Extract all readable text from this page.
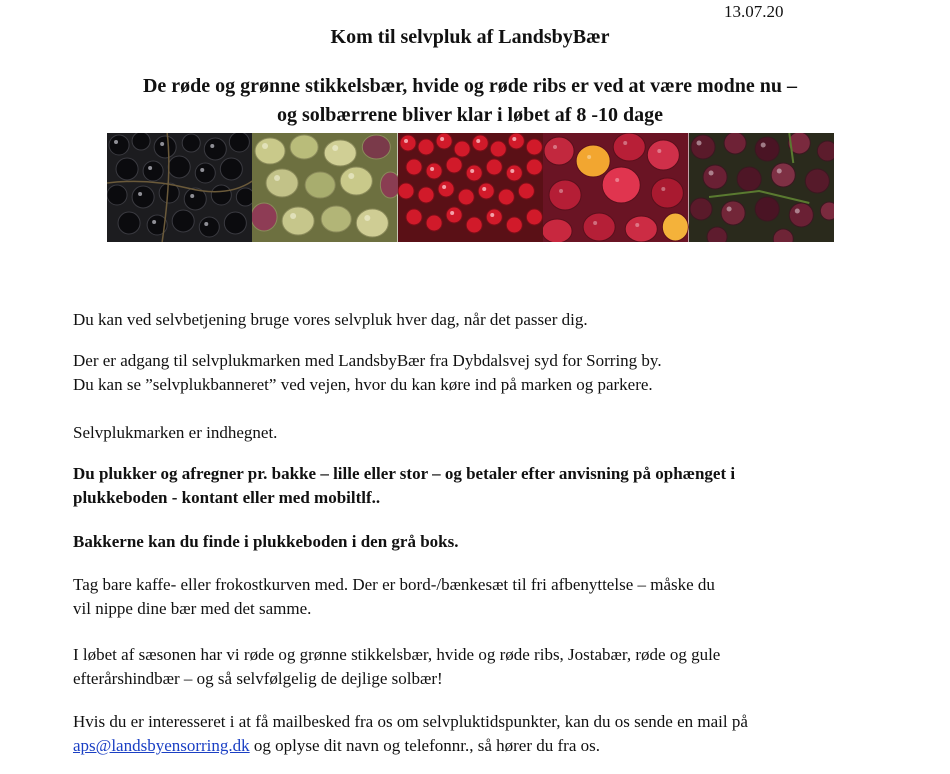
13.07.20
Kom til selvpluk af LandsbyBær
De røde og grønne stikkelsbær, hvide og røde ribs er ved at være modne nu –
og solbærrene bliver klar i løbet af 8 -10 dage

Du kan ved selvbetjening bruge vores selvpluk hver dag, når det passer dig.

Der er adgang til selvplukmarken med LandsbyBær fra Dybdalsvej syd for Sorring by.
Du kan se ”selvplukbanneret” ved vejen, hvor du kan køre ind på marken og parkere.

Selvplukmarken er indhegnet.

Du plukker og afregner pr. bakke – lille eller stor – og betaler efter anvisning på ophænget i
plukkeboden - kontant eller med mobiltlf..

Bakkerne kan du finde i plukkeboden i den grå boks.

Tag bare kaffe- eller frokostkurven med. Der er bord-/bænkesæt til fri afbenyttelse – måske du
vil nippe dine bær med det samme.

I løbet af sæsonen har vi røde og grønne stikkelsbær, hvide og røde ribs, Jostabær, røde og gule
efterårshindbær – og så selvfølgelig de dejlige solbær!

Hvis du er interesseret i at få mailbesked fra os om selvpluktidspunkter, kan du os sende en mail på
aps@landsbyensorring.dk og oplyse dit navn og telefonnr., så hører du fra os.
